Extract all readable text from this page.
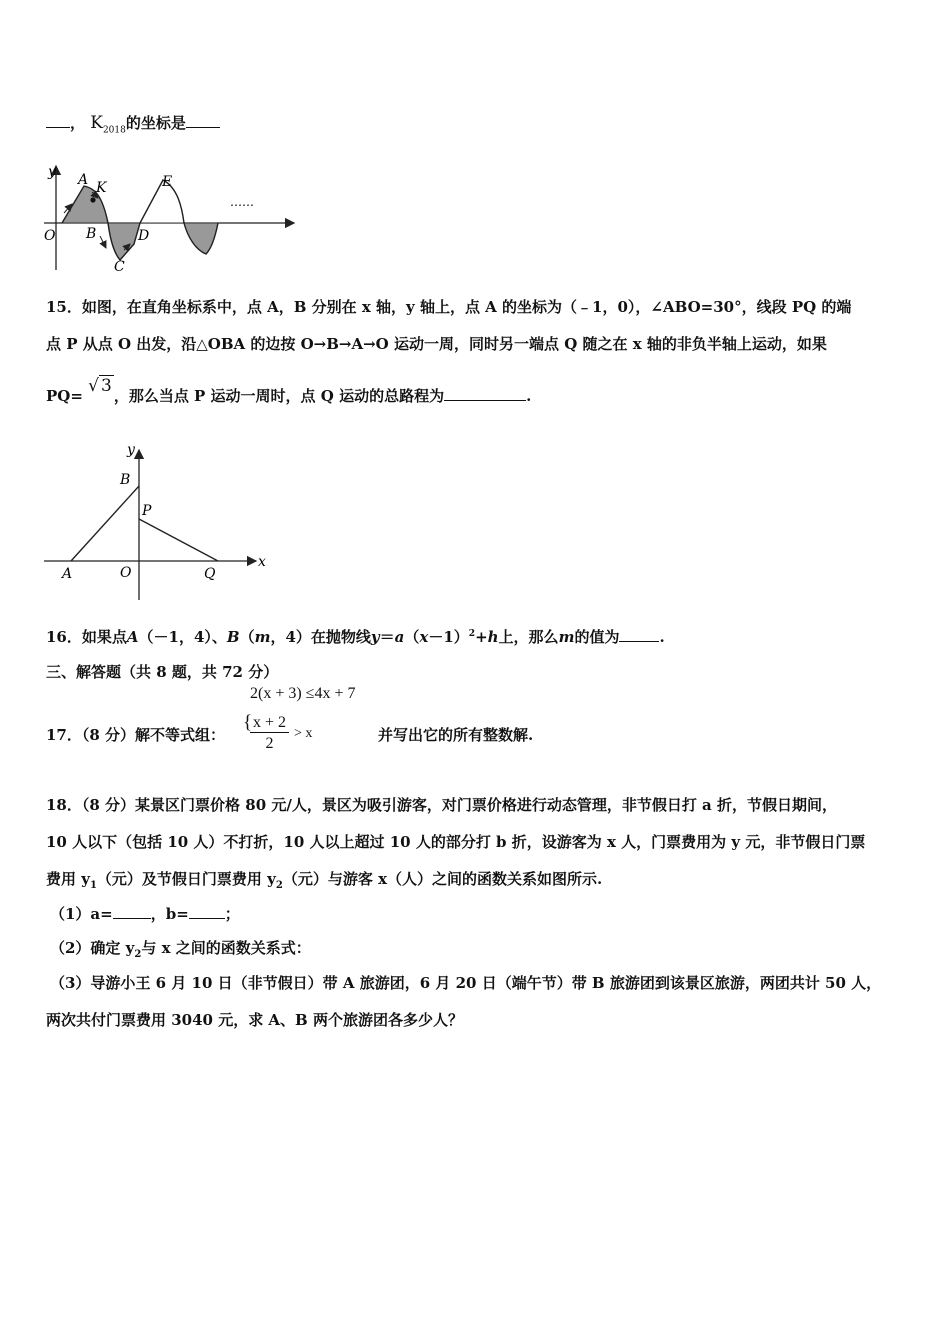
， $K_{2018}$的坐标是
y
O
A K
B
C
D
E
……
15．如图，在直角坐标系中，点 A，B 分别在 x 轴，y 轴上，点 A 的坐标为（﹣1，0），∠ABO=30°，线段 PQ 的端
点 P 从点 O 出发，沿△OBA 的边按 O→B→A→O 运动一周，同时另一端点 Q 随之在 x 轴的非负半轴上运动，如果
PQ= √ 3 ，那么当点 P 运动一周时，点 Q 运动的总路程为	.
y
x
B
P
A	O	Q
16．如果点A（－1，4）、B（m，4）在抛物线$y=a(x-1)^2+h$上，那么m的值为	.
三、解答题（共 8 题，共 72 分）
2(x + 3) ≤4x + 7
17．（8 分）解不等式组：
{ x + 2
2
> x	并写出它的所有整数解.
18．（8 分）某景区门票价格 80 元/人，景区为吸引游客，对门票价格进行动态管理，非节假日打 a 折，节假日期间，
10 人以下（包括 10 人）不打折，10 人以上超过 10 人的部分打 b 折，设游客为 x 人，门票费用为 y 元，非节假日门票
费用 $y_1$（元）及节假日门票费用 $y_2$（元）与游客 x（人）之间的函数关系如图所示.
（1）a=	，b= ；
（2）确定 $y_2$与 x 之间的函数关系式：
（3）导游小王 6 月 10 日（非节假日）带 A 旅游团，6 月 20 日（端午节）带 B 旅游团到该景区旅游，两团共计 50 人，
两次共付门票费用 3040 元，求 A、B 两个旅游团各多少人？
